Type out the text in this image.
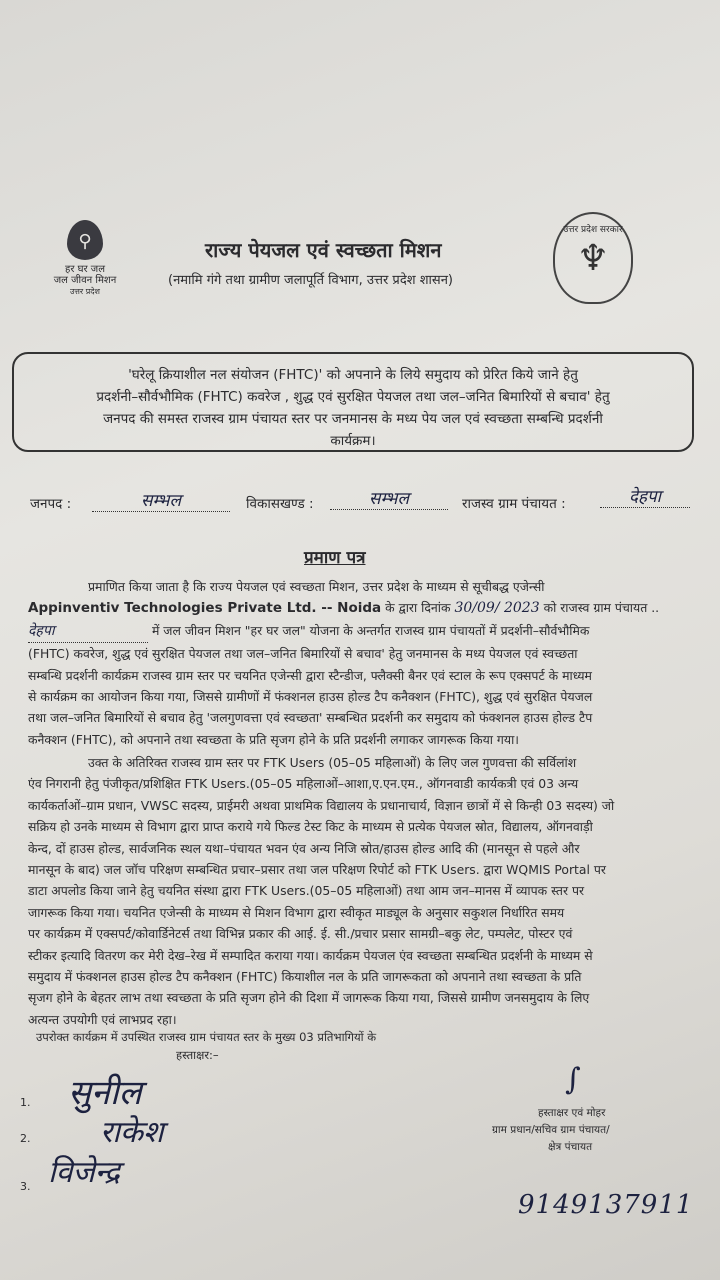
⚲
हर घर जल
जल जीवन मिशन
उत्तर प्रदेश
उत्तर प्रदेश सरकार
♆
राज्य पेयजल एवं स्वच्छता मिशन
(नमामि गंगे तथा ग्रामीण जलापूर्ति विभाग, उत्तर प्रदेश शासन)
'घरेलू क्रियाशील नल संयोजन (FHTC)' को अपनाने के लिये समुदाय को प्रेरित किये जाने हेतु
प्रदर्शनी–सौर्वभौमिक (FHTC) कवरेज , शुद्ध एवं सुरक्षित पेयजल तथा जल–जनित बिमारियों से बचाव' हेतु
जनपद की समस्त राजस्व ग्राम पंचायत स्तर पर जनमानस के मध्य पेय जल एवं स्वच्छता सम्बन्धि प्रदर्शनी
कार्यक्रम।
जनपद :	सम्भल	विकासखण्ड :	सम्भल	राजस्व ग्राम पंचायत :	देहपा
प्रमाण पत्र
प्रमाणित किया जाता है कि राज्य पेयजल एवं स्वच्छता मिशन, उत्तर प्रदेश के माध्यम से सूचीबद्ध एजेन्सी
Appinventiv Technologies Private Ltd. -- Noida के द्वारा दिनांक 30/09/ 2023 को राजस्व ग्राम पंचायत ..
देहपा	में जल जीवन मिशन "हर घर जल" योजना के अन्तर्गत राजस्व ग्राम पंचायतों में प्रदर्शनी–सौर्वभौमिक
(FHTC) कवरेज, शुद्ध एवं सुरक्षित पेयजल तथा जल–जनित बिमारियों से बचाव' हेतु जनमानस के मध्य पेयजल एवं स्वच्छता
सम्बन्धि प्रदर्शनी कार्यक्रम राजस्व ग्राम स्तर पर चयनित एजेन्सी द्वारा स्टैन्डीज, फ्लैक्सी बैनर एवं स्टाल के रूप एक्सपर्ट के माध्यम
से कार्यक्रम का आयोजन किया गया, जिससे ग्रामीणों में फंक्शनल हाउस होल्ड टैप कनैक्शन (FHTC), शुद्ध एवं सुरक्षित पेयजल
तथा जल–जनित बिमारियों से बचाव हेतु 'जलगुणवत्ता एवं स्वच्छता' सम्बन्धित प्रदर्शनी कर समुदाय को फंक्शनल हाउस होल्ड टैप
कनैक्शन (FHTC), को अपनाने तथा स्वच्छता के प्रति सृजग होने के प्रति प्रदर्शनी लगाकर जागरूक किया गया।
उक्त के अतिरिक्त राजस्व ग्राम स्तर पर FTK Users (05–05 महिलाओं) के लिए जल गुणवत्ता की सर्विलांश
एंव निगरानी हेतु पंजीकृत/प्रशिक्षित FTK Users.(05–05 महिलाओं–आशा,ए.एन.एम., ऑगनवाडी कार्यकत्री एवं 03 अन्य
कार्यकर्ताओं–ग्राम प्रधान, VWSC सदस्य, प्राईमरी अथवा प्राथमिक विद्यालय के प्रधानाचार्य, विज्ञान छात्रों में से किन्ही 03 सदस्य) जो
सक्रिय हो उनके माध्यम से विभाग द्वारा प्राप्त कराये गये फिल्ड टेस्ट किट के माध्यम से प्रत्येक पेयजल स्रोत, विद्यालय, ऑगनवाड़ी
केन्द, दों हाउस होल्ड, सार्वजनिक स्थल यथा–पंचायत भवन एंव अन्य निजि स्रोत/हाउस होल्ड आदि की (मानसून से पहले और
मानसून के बाद) जल जॉच परिक्षण सम्बन्धित प्रचार–प्रसार तथा जल परिक्षण रिपोर्ट को FTK Users. द्वारा WQMIS Portal पर
डाटा अपलोड किया जाने हेतु चयनित संस्था द्वारा FTK Users.(05–05 महिलाओं) तथा आम जन–मानस में व्यापक स्तर पर
जागरूक किया गया। चयनित एजेन्सी के माध्यम से मिशन विभाग द्वारा स्वीकृत माड्यूल के अनुसार सकुशल निर्धारित समय
पर कार्यक्रम में एक्सपर्ट/कोवार्डिनेटर्स तथा विभिन्न प्रकार की आई. ई. सी./प्रचार प्रसार सामग्री–बकु लेट, पम्पलेट, पोस्टर एवं
स्टीकर इत्यादि वितरण कर मेरी देख–रेख में सम्पादित कराया गया। कार्यक्रम पेयजल एंव स्वच्छता सम्बन्धित प्रदर्शनी के माध्यम से
समुदाय में फंक्शनल हाउस होल्ड टैप कनैक्शन (FHTC) कियाशील नल के प्रति जागरूकता को अपनाने तथा स्वच्छता के प्रति
सृजग होने के बेहतर लाभ तथा स्वच्छता के प्रति सृजग होने की दिशा में जागरूक किया गया, जिससे ग्रामीण जनसमुदाय के लिए
अत्यन्त उपयोगी एवं लाभप्रद रहा।
उपरोक्त कार्यक्रम में उपस्थित राजस्व ग्राम पंचायत स्तर के मुख्य 03 प्रतिभागियों के
हस्ताक्षर:–
1. सुनील
2. राकेश
3. विजेन्द्र
∫
हस्ताक्षर एवं मोहर
ग्राम प्रधान/सचिव ग्राम पंचायत/
क्षेत्र पंचायत
9149137911
